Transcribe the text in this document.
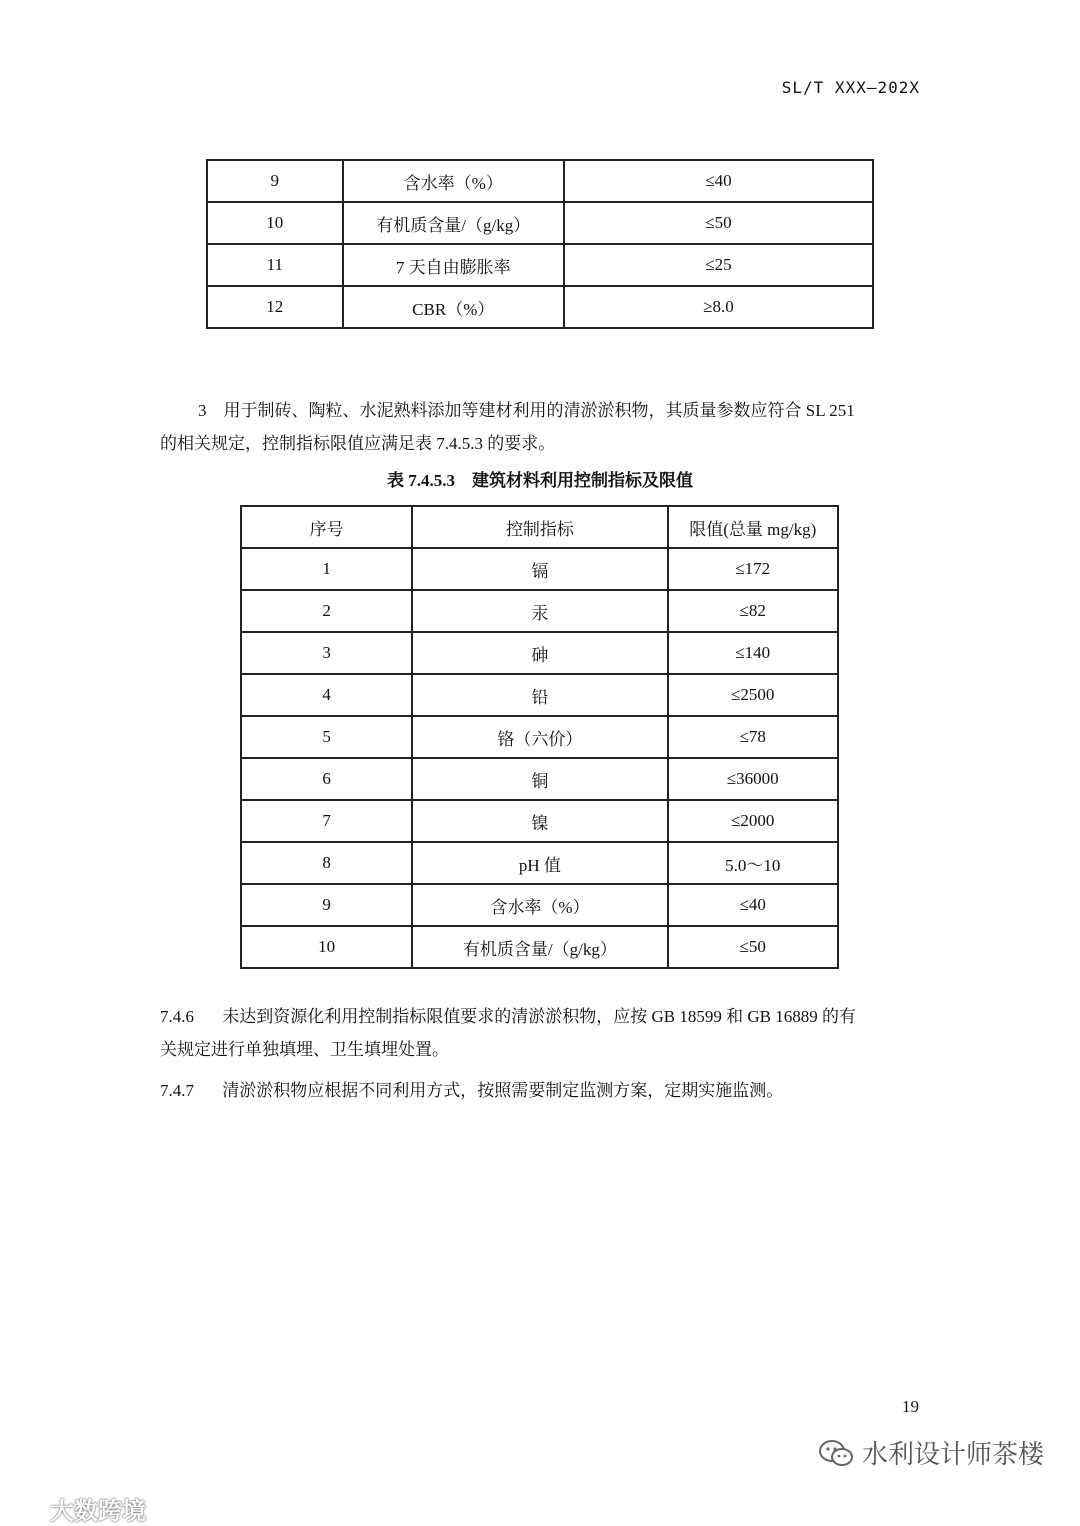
SL/T XXX—202X
9	含水率（%）	≤40
10	有机质含量/（g/kg）	≤50
11	7 天自由膨胀率	≤25
12	CBR（%）	≥8.0
3　用于制砖、陶粒、水泥熟料添加等建材利用的清淤淤积物，其质量参数应符合 SL 251
的相关规定，控制指标限值应满足表 7.4.5.3 的要求。
表 7.4.5.3　建筑材料利用控制指标及限值
序号	控制指标	限值(总量 mg/kg)
1	镉	≤172
2	汞	≤82
3	砷	≤140
4	铅	≤2500
5	铬（六价）	≤78
6	铜	≤36000
7	镍	≤2000
8	pH 值	5.0～10
9	含水率（%）	≤40
10	有机质含量/（g/kg）	≤50
7.4.6 未达到资源化利用控制指标限值要求的清淤淤积物，应按 GB 18599 和 GB 16889 的有
关规定进行单独填埋、卫生填埋处置。
7.4.7 清淤淤积物应根据不同利用方式，按照需要制定监测方案，定期实施监测。
19
水利设计师茶楼
大数跨境
